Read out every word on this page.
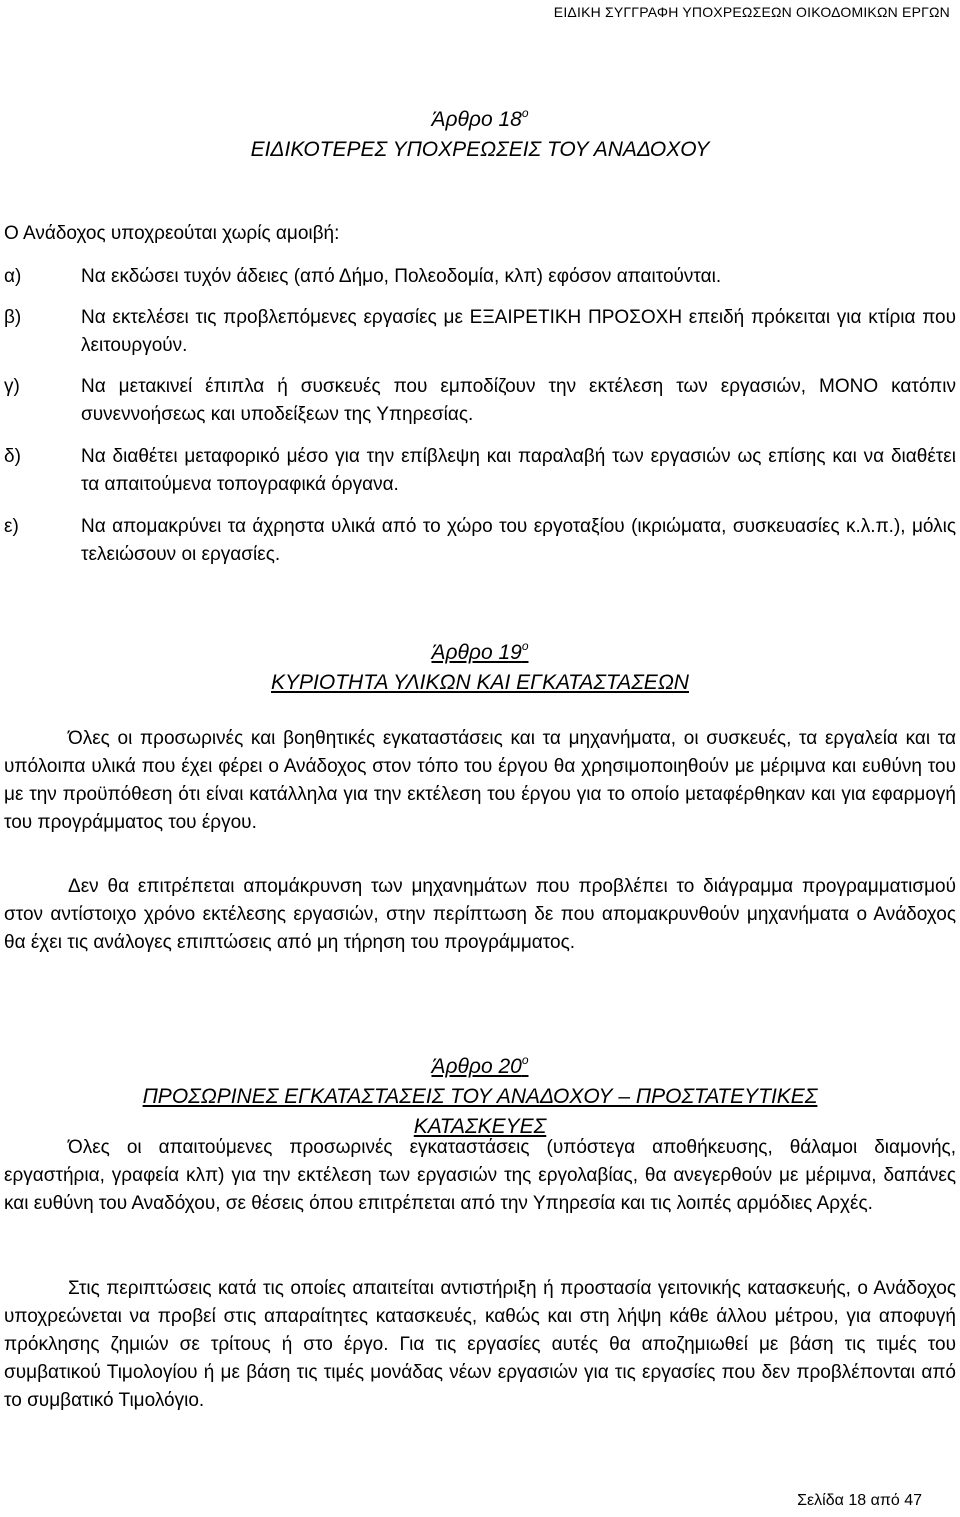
ΕΙΔΙΚΗ ΣΥΓΓΡΑΦΗ ΥΠΟΧΡΕΩΣΕΩΝ ΟΙΚΟΔΟΜΙΚΩΝ ΕΡΓΩΝ
Άρθρο $18^o$
ΕΙΔΙΚΟΤΕΡΕΣ ΥΠΟΧΡΕΩΣΕΙΣ ΤΟΥ ΑΝΑΔΟΧΟΥ
Ο Ανάδοχος υποχρεούται χωρίς αμοιβή:
α)	Να εκδώσει τυχόν άδειες (από Δήμο, Πολεοδομία, κλπ) εφόσον απαιτούνται.
β)	Να εκτελέσει τις προβλεπόμενες εργασίες με ΕΞΑΙΡΕΤΙΚΗ ΠΡΟΣΟΧΗ επειδή πρόκειται για κτίρια που λειτουργούν.
γ)	Να μετακινεί έπιπλα ή συσκευές που εμποδίζουν την εκτέλεση των εργασιών, ΜΟΝΟ κατόπιν συνεννοήσεως και υποδείξεων της Υπηρεσίας.
δ)	Να διαθέτει μεταφορικό μέσο για την επίβλεψη και παραλαβή των εργασιών ως επίσης και να διαθέτει τα απαιτούμενα τοπογραφικά όργανα.
ε)	Να απομακρύνει τα άχρηστα υλικά από το χώρο του εργοταξίου (ικριώματα, συσκευασίες κ.λ.π.), μόλις τελειώσουν οι εργασίες.
Άρθρο $19^o$
ΚΥΡΙΟΤΗΤΑ ΥΛΙΚΩΝ ΚΑΙ ΕΓΚΑΤΑΣΤΑΣΕΩΝ
Όλες οι προσωρινές και βοηθητικές εγκαταστάσεις και τα μηχανήματα, οι συσκευές, τα εργαλεία και τα υπόλοιπα υλικά που έχει φέρει ο Ανάδοχος στον τόπο του έργου θα χρησιμοποιηθούν με μέριμνα και ευθύνη του με την προϋπόθεση ότι είναι κατάλληλα για την εκτέλεση του έργου για το οποίο μεταφέρθηκαν και για εφαρμογή του προγράμματος του έργου.
Δεν θα επιτρέπεται απομάκρυνση των μηχανημάτων που προβλέπει το διάγραμμα προγραμματισμού στον αντίστοιχο χρόνο εκτέλεσης εργασιών, στην περίπτωση δε που απομακρυνθούν μηχανήματα ο Ανάδοχος θα έχει τις ανάλογες επιπτώσεις από μη τήρηση του προγράμματος.
Άρθρο $20^o$
ΠΡΟΣΩΡΙΝΕΣ ΕΓΚΑΤΑΣΤΑΣΕΙΣ ΤΟΥ ΑΝΑΔΟΧΟΥ – ΠΡΟΣΤΑΤΕΥΤΙΚΕΣ
ΚΑΤΑΣΚΕΥΕΣ
Όλες οι απαιτούμενες προσωρινές εγκαταστάσεις (υπόστεγα αποθήκευσης, θάλαμοι διαμονής, εργαστήρια, γραφεία κλπ) για την εκτέλεση των εργασιών της εργολαβίας, θα ανεγερθούν με μέριμνα, δαπάνες και ευθύνη του Αναδόχου, σε θέσεις όπου επιτρέπεται από την Υπηρεσία και τις λοιπές αρμόδιες Αρχές.
Στις περιπτώσεις κατά τις οποίες απαιτείται αντιστήριξη ή προστασία γειτονικής κατασκευής, ο Ανάδοχος υποχρεώνεται να προβεί στις απαραίτητες κατασκευές, καθώς και στη λήψη κάθε άλλου μέτρου, για αποφυγή πρόκλησης ζημιών σε τρίτους ή στο έργο. Για τις εργασίες αυτές θα αποζημιωθεί με βάση τις τιμές του συμβατικού Τιμολογίου ή με βάση τις τιμές μονάδας νέων εργασιών για τις εργασίες που δεν προβλέπονται από το συμβατικό Τιμολόγιο.
Σελίδα 18 από 47
